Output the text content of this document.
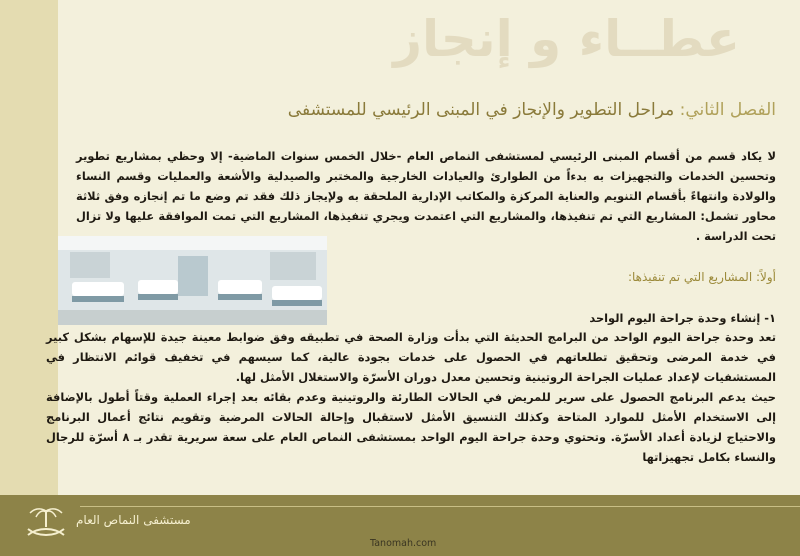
عطــاء و إنجاز
الفصل الثاني: مراحل التطوير والإنجاز في المبنى الرئيسي للمستشفى
لا يكاد قسم من أقسام المبنى الرئيسي لمستشفى النماص العام -خلال الخمس سنوات الماضية- إلا وحظي بمشاريع تطوير وتحسين الخدمات والتجهيزات به بدءاً من الطوارئ والعيادات الخارجية والمختبر والصيدلية والأشعة والعمليات وقسم النساء والولادة وانتهاءً بأقسام التنويم والعناية المركزة والمكاتب الإدارية الملحقة به ولإيجاز ذلك فقد تم وضع ما تم إنجازه وفق ثلاثة محاور تشمل: المشاريع التي تم تنفيذها، والمشاريع التي اعتمدت ويجري تنفيذها، المشاريع التي تمت الموافقة عليها ولا تزال تحت الدراسة .
أولاً: المشاريع التي تم تنفيذها:
١- إنشاء وحدة جراحة اليوم الواحد

تعد وحدة جراحة اليوم الواحد من البرامج الحديثة التي بدأت وزارة الصحة في تطبيقه وفق ضوابط معينة جيدة للإسهام بشكل كبير في خدمة المرضى وتحقيق تطلعاتهم في الحصول على خدمات بجودة عالية، كما سيسهم في تخفيف قوائم الانتظار في المستشفيات لإعداد عمليات الجراحة الروتينية وتحسين معدل دوران الأسرّة والاستغلال الأمثل لها.

حيث يدعم البرنامج الحصول على سرير للمريض في الحالات الطارئة والروتينية وعدم بقائه بعد إجراء العملية وقتاً أطول بالإضافة إلى الاستخدام الأمثل للموارد المتاحة وكذلك التنسيق الأمثل لاستقبال وإحالة الحالات المرضية وتقويم نتائج أعمال البرنامج والاحتياج لزيادة أعداد الأسرّة. وتحتوي وحدة جراحة اليوم الواحد بمستشفى النماص العام على سعة سريرية تقدر بـ ٨ أسرّة للرجال والنساء بكامل تجهيزاتها

مستشفى النماص العام
Tanomah.com
